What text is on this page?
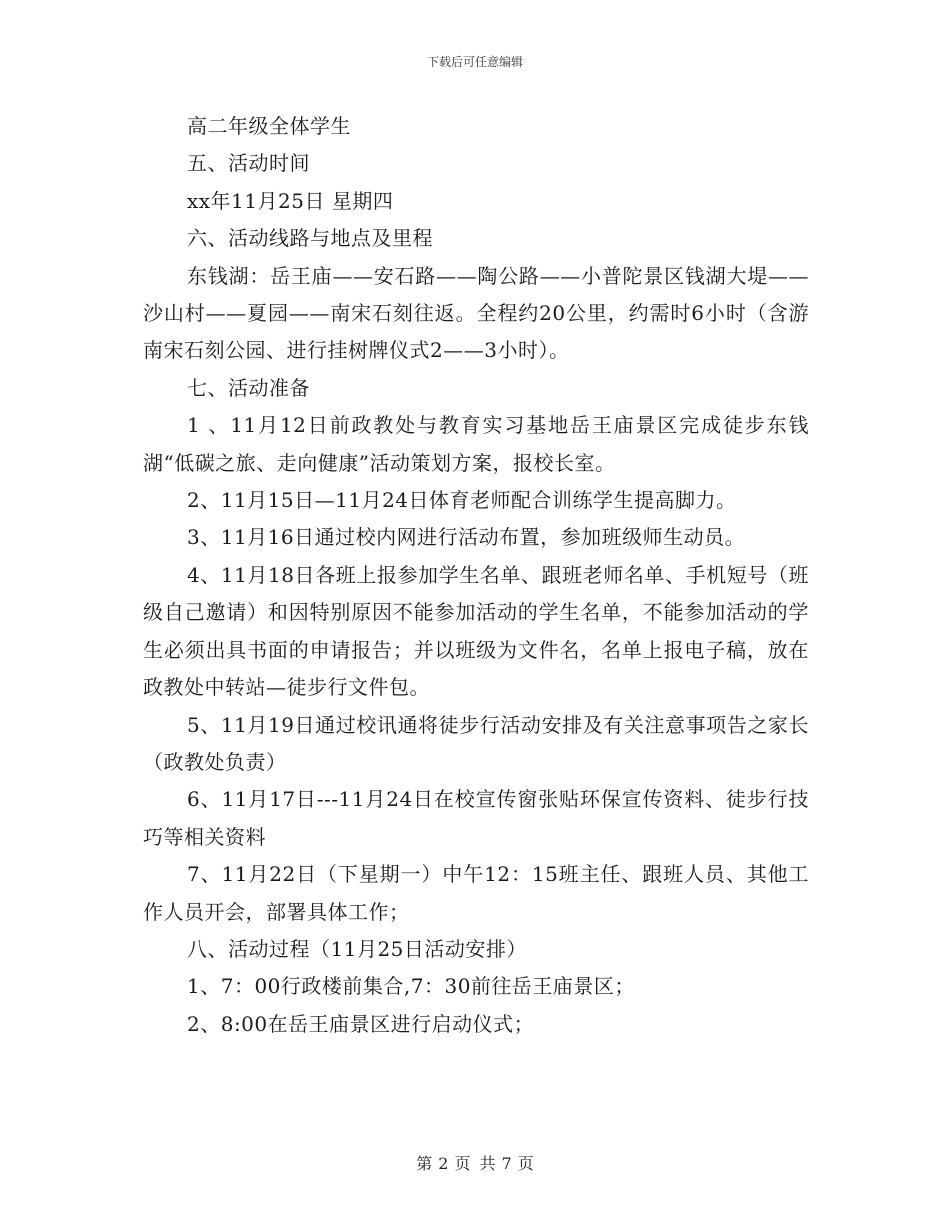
下载后可任意编辑

高二年级全体学生

五、活动时间

xx年11月25日 星期四

六、活动线路与地点及里程

东钱湖：岳王庙——安石路——陶公路——小普陀景区钱湖大堤——沙山村——夏园——南宋石刻往返。全程约20公里，约需时6小时（含游南宋石刻公园、进行挂树牌仪式2——3小时）。

七、活动准备

1 、11月12日前政教处与教育实习基地岳王庙景区完成徒步东钱湖“低碳之旅、走向健康”活动策划方案，报校长室。

2、11月15日—11月24日体育老师配合训练学生提高脚力。

3、11月16日通过校内网进行活动布置，参加班级师生动员。

4、11月18日各班上报参加学生名单、跟班老师名单、手机短号（班级自己邀请）和因特别原因不能参加活动的学生名单，不能参加活动的学生必须出具书面的申请报告；并以班级为文件名，名单上报电子稿，放在政教处中转站—徒步行文件包。

5、11月19日通过校讯通将徒步行活动安排及有关注意事项告之家长（政教处负责）

6、11月17日---11月24日在校宣传窗张贴环保宣传资料、徒步行技巧等相关资料

7、11月22日（下星期一）中午12：15班主任、跟班人员、其他工作人员开会，部署具体工作；

八、活动过程（11月25日活动安排）

1、7：00行政楼前集合,7：30前往岳王庙景区；

2、8:00在岳王庙景区进行启动仪式；

第 2 页 共 7 页
